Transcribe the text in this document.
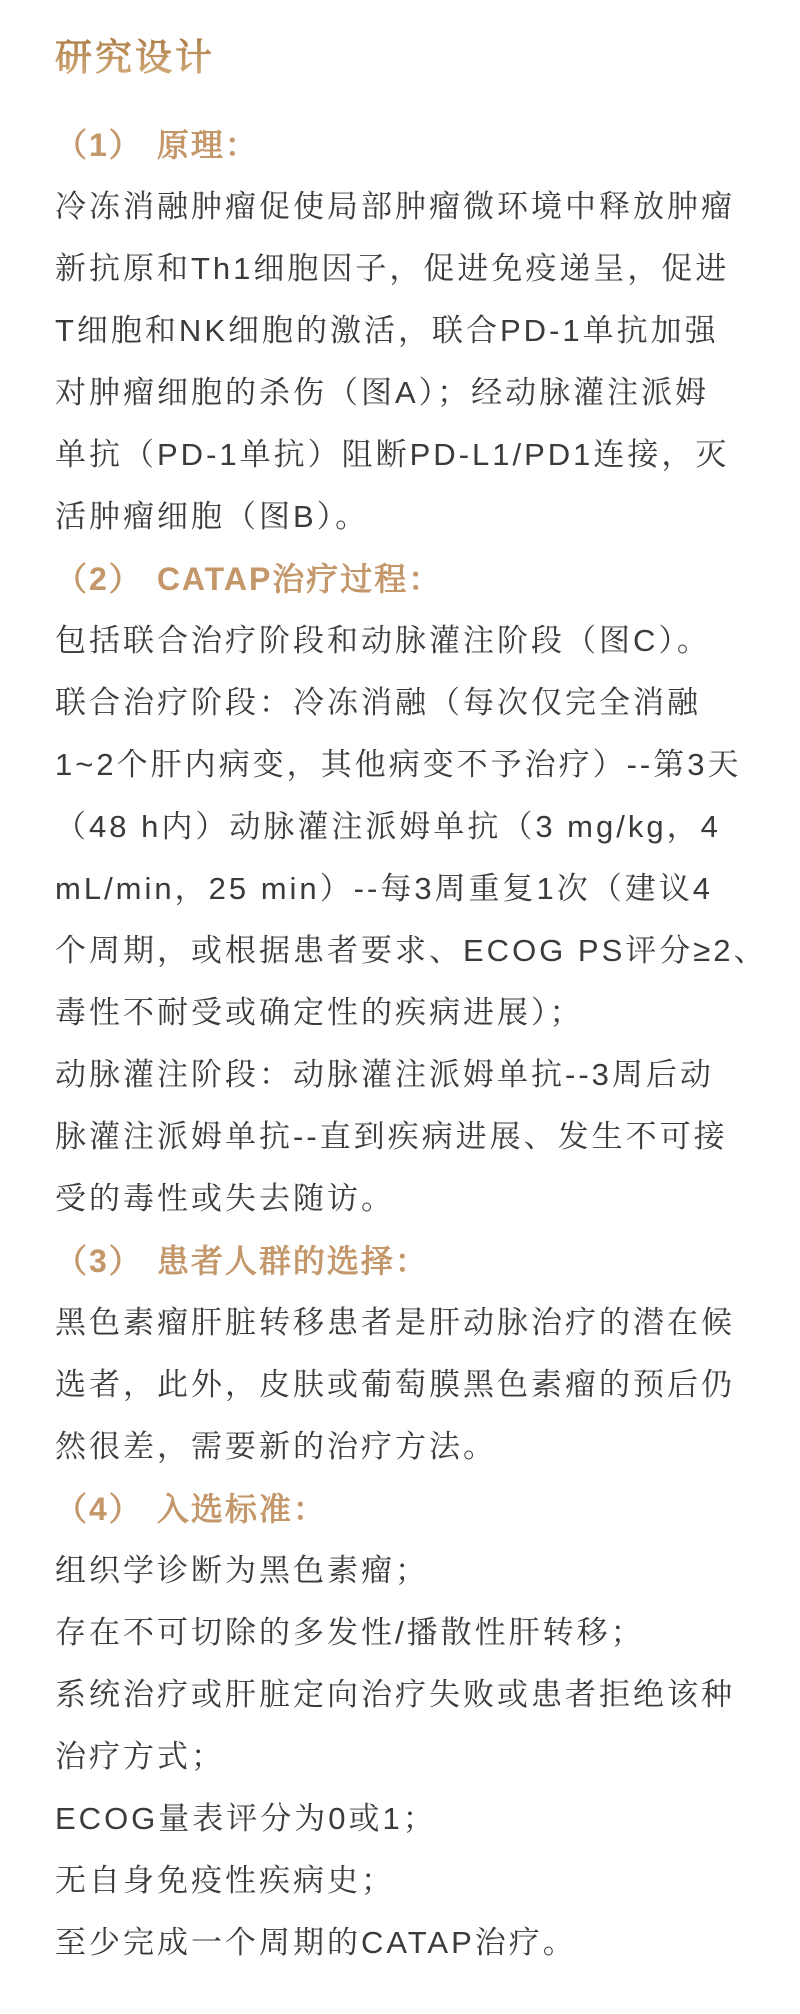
研究设计
（1） 原理：
冷冻消融肿瘤促使局部肿瘤微环境中释放肿瘤
新抗原和Th1细胞因子，促进免疫递呈，促进
T细胞和NK细胞的激活，联合PD-1单抗加强
对肿瘤细胞的杀伤（图A）；经动脉灌注派姆
单抗（PD-1单抗）阻断PD-L1/PD1连接，灭
活肿瘤细胞（图B）。
（2） CATAP治疗过程：
包括联合治疗阶段和动脉灌注阶段（图C）。
联合治疗阶段：冷冻消融（每次仅完全消融
1~2个肝内病变，其他病变不予治疗）--第3天
（48 h内）动脉灌注派姆单抗（3 mg/kg，4
mL/min，25 min）--每3周重复1次（建议4
个周期，或根据患者要求、ECOG PS评分≥2、
毒性不耐受或确定性的疾病进展）；
动脉灌注阶段：动脉灌注派姆单抗--3周后动
脉灌注派姆单抗--直到疾病进展、发生不可接
受的毒性或失去随访。
（3） 患者人群的选择：
黑色素瘤肝脏转移患者是肝动脉治疗的潜在候
选者，此外，皮肤或葡萄膜黑色素瘤的预后仍
然很差，需要新的治疗方法。
（4） 入选标准：
组织学诊断为黑色素瘤；
存在不可切除的多发性/播散性肝转移；
系统治疗或肝脏定向治疗失败或患者拒绝该种
治疗方式；
ECOG量表评分为0或1；
无自身免疫性疾病史；
至少完成一个周期的CATAP治疗。
